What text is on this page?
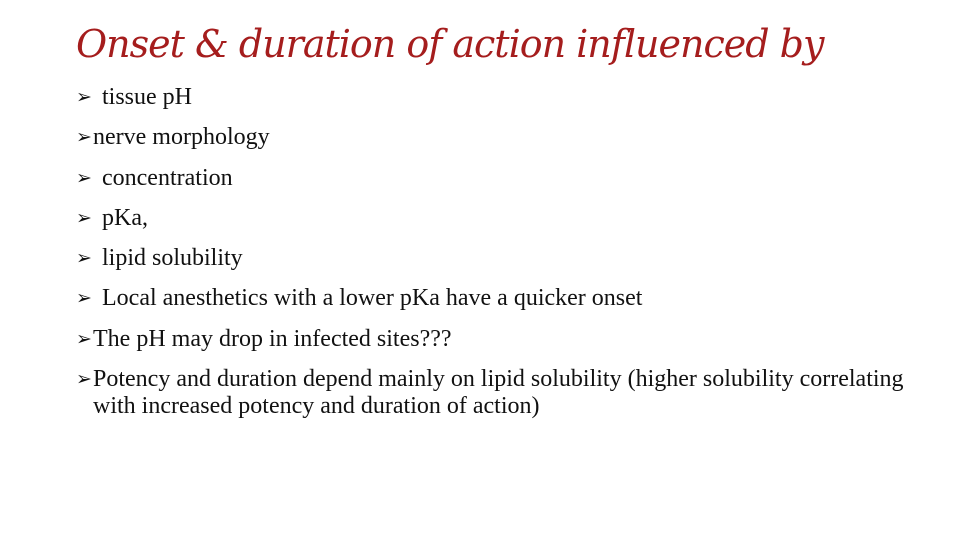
Onset & duration of action influenced by
➢ tissue pH
➢ nerve morphology
➢ concentration
➢ pKa,
➢ lipid solubility
➢ Local anesthetics with a lower pKa have a quicker onset
➢ The pH may drop in infected sites???
➢ Potency and duration depend mainly on lipid solubility (higher solubility correlating with increased potency and duration of action)
